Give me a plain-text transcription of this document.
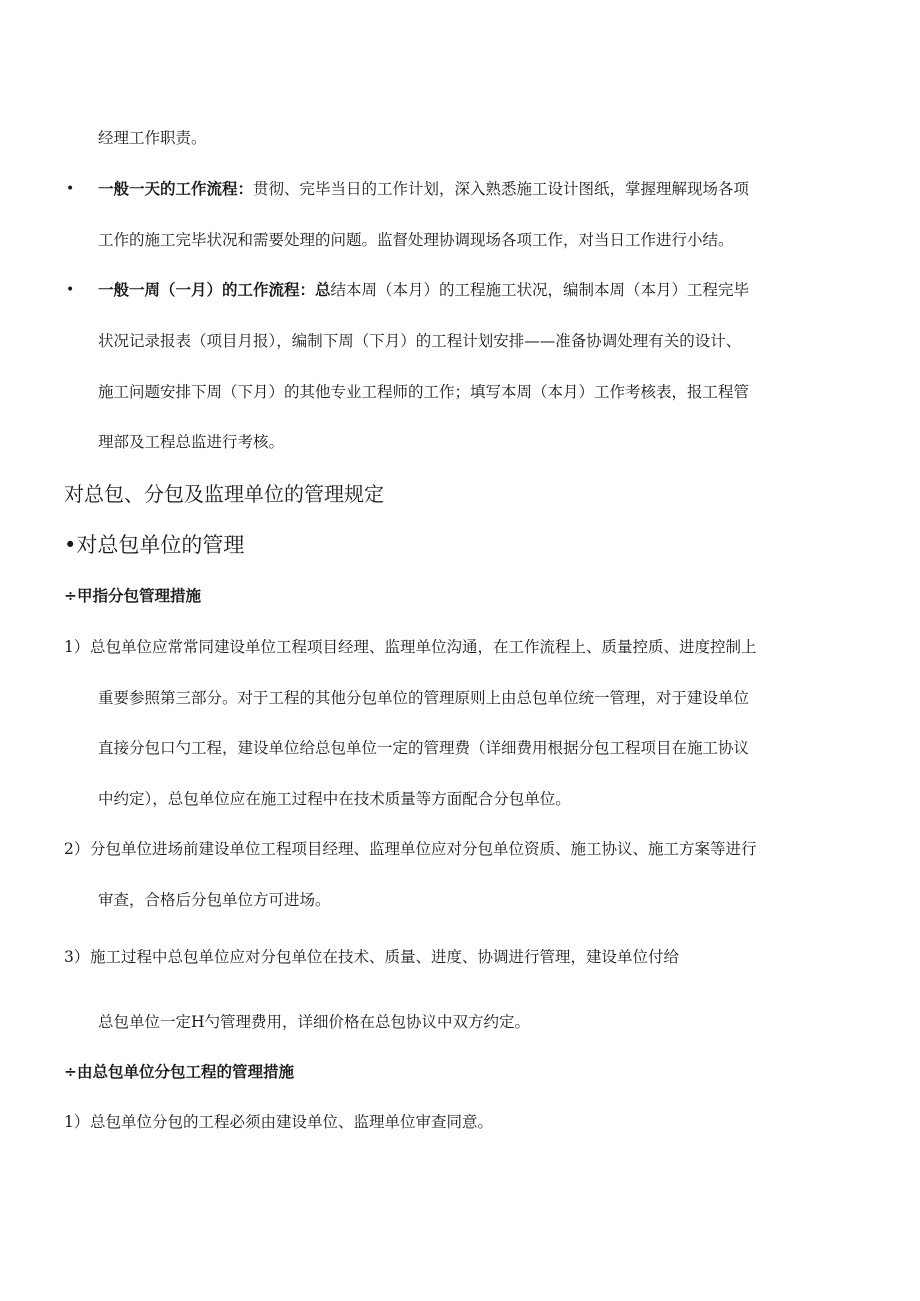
经理工作职责。
• 一般一天的工作流程：贯彻、完毕当日的工作计划，深入熟悉施工设计图纸，掌握理解现场各项
工作的施工完毕状况和需要处理的问题。监督处理协调现场各项工作，对当日工作进行小结。
• 一般一周（一月）的工作流程：总结本周（本月）的工程施工状况，编制本周（本月）工程完毕
状况记录报表（项目月报），编制下周（下月）的工程计划安排——准备协调处理有关的设计、
施工问题安排下周（下月）的其他专业工程师的工作；填写本周（本月）工作考核表，报工程管
理部及工程总监进行考核。
对总包、分包及监理单位的管理规定
•对总包单位的管理
÷甲指分包管理措施
1） 总包单位应常常同建设单位工程项目经理、监理单位沟通，在工作流程上、质量控质、进度控制上
重要参照第三部分。对于工程的其他分包单位的管理原则上由总包单位统一管理，对于建设单位
直接分包口勺工程，建设单位给总包单位一定的管理费（详细费用根据分包工程项目在施工协议
中约定），总包单位应在施工过程中在技术质量等方面配合分包单位。
2） 分包单位进场前建设单位工程项目经理、监理单位应对分包单位资质、施工协议、施工方案等进行
审查，合格后分包单位方可进场。
3） 施工过程中总包单位应对分包单位在技术、质量、进度、协调进行管理，建设单位付给
总包单位一定H勺管理费用，详细价格在总包协议中双方约定。
÷由总包单位分包工程的管理措施
1） 总包单位分包的工程必须由建设单位、监理单位审查同意。
